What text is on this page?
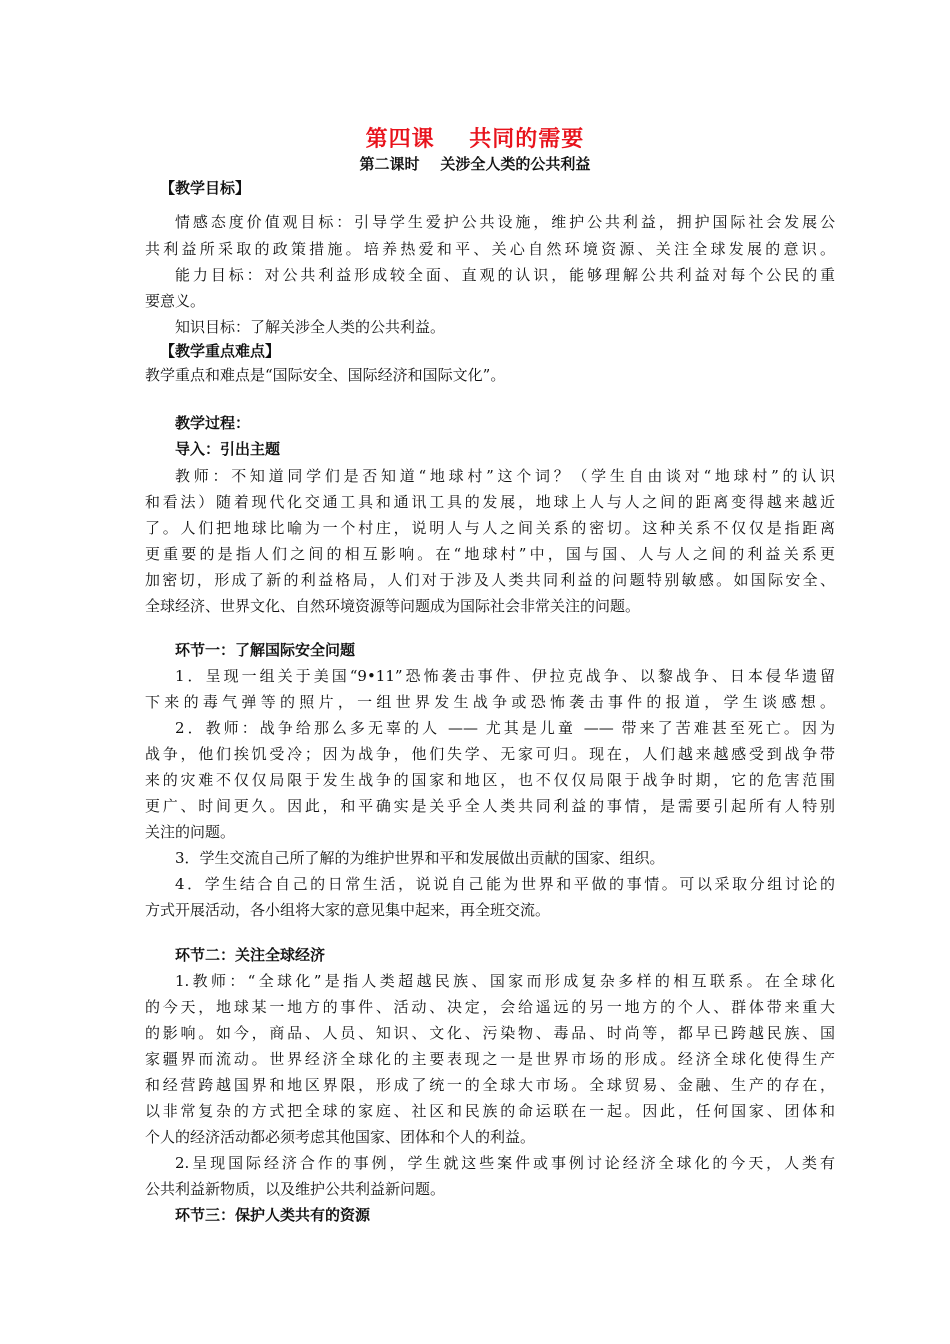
第四课    共同的需要
第二课时    关涉全人类的公共利益
【教学目标】
情感态度价值观目标：引导学生爱护公共设施，维护公共利益，拥护国际社会发展公
共利益所采取的政策措施。培养热爱和平、关心自然环境资源、关注全球发展的意识。
能力目标：对公共利益形成较全面、直观的认识，能够理解公共利益对每个公民的重
要意义。
知识目标：了解关涉全人类的公共利益。
【教学重点难点】
教学重点和难点是“国际安全、国际经济和国际文化”。
教学过程：
导入：引出主题
教师：不知道同学们是否知道“地球村”这个词？（学生自由谈对“地球村”的认识
和看法）随着现代化交通工具和通讯工具的发展，地球上人与人之间的距离变得越来越近
了。人们把地球比喻为一个村庄，说明人与人之间关系的密切。这种关系不仅仅是指距离
更重要的是指人们之间的相互影响。在“地球村”中，国与国、人与人之间的利益关系更
加密切，形成了新的利益格局，人们对于涉及人类共同利益的问题特别敏感。如国际安全、
全球经济、世界文化、自然环境资源等问题成为国际社会非常关注的问题。
环节一：了解国际安全问题
1．呈现一组关于美国“9•11”恐怖袭击事件、伊拉克战争、以黎战争、日本侵华遗留
下来的毒气弹等的照片，一组世界发生战争或恐怖袭击事件的报道，学生谈感想。
2．教师：战争给那么多无辜的人 —— 尤其是儿童 —— 带来了苦难甚至死亡。因为
战争，他们挨饥受冷；因为战争，他们失学、无家可归。现在，人们越来越感受到战争带
来的灾难不仅仅局限于发生战争的国家和地区，也不仅仅局限于战争时期，它的危害范围
更广、时间更久。因此，和平确实是关乎全人类共同利益的事情，是需要引起所有人特别
关注的问题。
3．学生交流自己所了解的为维护世界和平和发展做出贡献的国家、组织。
4．学生结合自己的日常生活，说说自己能为世界和平做的事情。可以采取分组讨论的
方式开展活动，各小组将大家的意见集中起来，再全班交流。
环节二：关注全球经济
1.教师：“全球化”是指人类超越民族、国家而形成复杂多样的相互联系。在全球化
的今天，地球某一地方的事件、活动、决定，会给遥远的另一地方的个人、群体带来重大
的影响。如今，商品、人员、知识、文化、污染物、毒品、时尚等，都早已跨越民族、国
家疆界而流动。世界经济全球化的主要表现之一是世界市场的形成。经济全球化使得生产
和经营跨越国界和地区界限，形成了统一的全球大市场。全球贸易、金融、生产的存在，
以非常复杂的方式把全球的家庭、社区和民族的命运联在一起。因此，任何国家、团体和
个人的经济活动都必须考虑其他国家、团体和个人的利益。
2.呈现国际经济合作的事例，学生就这些案件或事例讨论经济全球化的今天，人类有
公共利益新物质，以及维护公共利益新问题。
环节三：保护人类共有的资源
